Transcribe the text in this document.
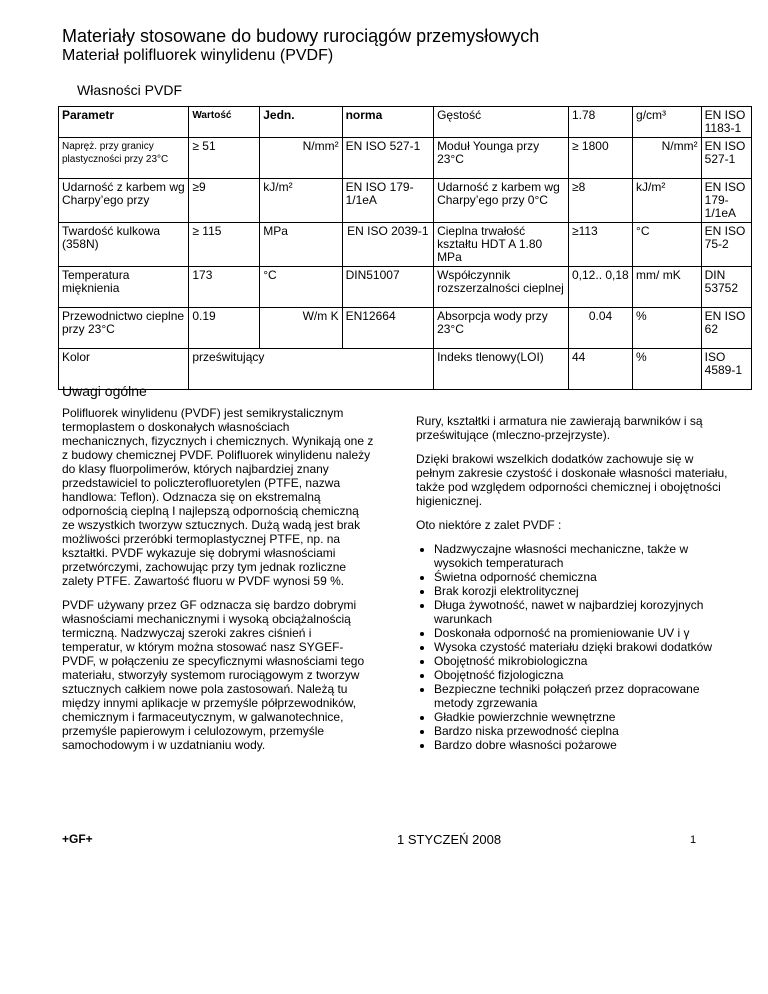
Materiały stosowane do budowy rurociągów przemysłowych
Materiał polifluorek winylidenu (PVDF)
Własności PVDF
Parametr	Wartość	Jedn.	norma	Gęstość	1.78	g/cm³	EN ISO 1183-1
Napręż. przy granicy plastyczności przy 23°C	≥ 51	N/mm²	EN ISO 527-1	Moduł Younga przy 23°C	≥ 1800	N/mm²	EN ISO 527-1
Udarność z karbem wg Charpy’ego przy	≥9	kJ/m²	EN ISO 179-1/1eA	Udarność z karbem wg Charpy’ego przy 0°C	≥8	kJ/m²	EN ISO 179-1/1eA
Twardość kulkowa (358N)	≥ 115	MPa	EN ISO 2039-1	Cieplna trwałość kształtu HDT A 1.80 MPa	≥113	°C	EN ISO 75-2
Temperatura mięknienia	173	°C	DIN51007	Współczynnik rozszerzalności cieplnej	0,12.. 0,18	mm/ mK	DIN 53752
Przewodnictwo cieplne przy 23°C	0.19	W/m K	EN12664	Absorpcja wody przy 23°C	0.04	%	EN ISO 62
Kolor	prześwitujący			Indeks tlenowy(LOI)	44	%	ISO 4589-1
Uwagi ogólne

Polifluorek winylidenu (PVDF) jest semikrystalicznym termoplastem o doskonałych własnościach mechanicznych, fizycznych i chemicznych. Wynikają one z z budowy chemicznej PVDF. Polifluorek winylidenu należy do klasy fluorpolimerów, których najbardziej znany przedstawiciel to policzterofluoretylen (PTFE, nazwa handlowa: Teflon). Odznacza się on ekstremalną odpornością cieplną I najlepszą odpornością chemiczną ze wszystkich tworzyw sztucznych. Dużą wadą jest brak możliwości przeróbki termoplastycznej PTFE, np. na kształtki. PVDF wykazuje się dobrymi własnościami przetwórczymi, zachowując przy tym jednak rozliczne zalety PTFE. Zawartość fluoru w PVDF wynosi 59 %.

PVDF używany przez GF odznacza się bardzo dobrymi własnościami mechanicznymi i wysoką obciążalnością termiczną. Nadzwyczaj szeroki zakres ciśnień i temperatur, w którym można stosować nasz SYGEF-PVDF, w połączeniu ze specyficznymi własnościami tego materiału, stworzyły systemom rurociągowym z tworzyw sztucznych całkiem nowe pola zastosowań. Należą tu między innymi aplikacje w przemyśle półprzewodników, chemicznym i farmaceutycznym, w galwanotechnice, przemyśle papierowym i celulozowym, przemyśle samochodowym i w uzdatnianiu wody.

Rury, kształtki i armatura nie zawierają barwników i są prześwitujące (mleczno-przejrzyste).

Dzięki brakowi wszelkich dodatków zachowuje się w pełnym zakresie czystość i doskonałe własności materiału, także pod względem odporności chemicznej i obojętności higienicznej.

Oto niektóre z zalet PVDF :

• Nadzwyczajne własności mechaniczne, także w wysokich temperaturach
• Świetna odporność chemiczna
• Brak korozji elektrolitycznej
• Długa żywotność, nawet w najbardziej korozyjnych warunkach
• Doskonała odporność na promieniowanie UV i γ
• Wysoka czystość materiału dzięki brakowi dodatków
• Obojętność mikrobiologiczna
• Obojętność fizjologiczna
• Bezpieczne techniki połączeń przez dopracowane metody zgrzewania
• Gładkie powierzchnie wewnętrzne
• Bardzo niska przewodność cieplna
• Bardzo dobre własności pożarowe
+GF+	1 STYCZEŃ 2008	1
